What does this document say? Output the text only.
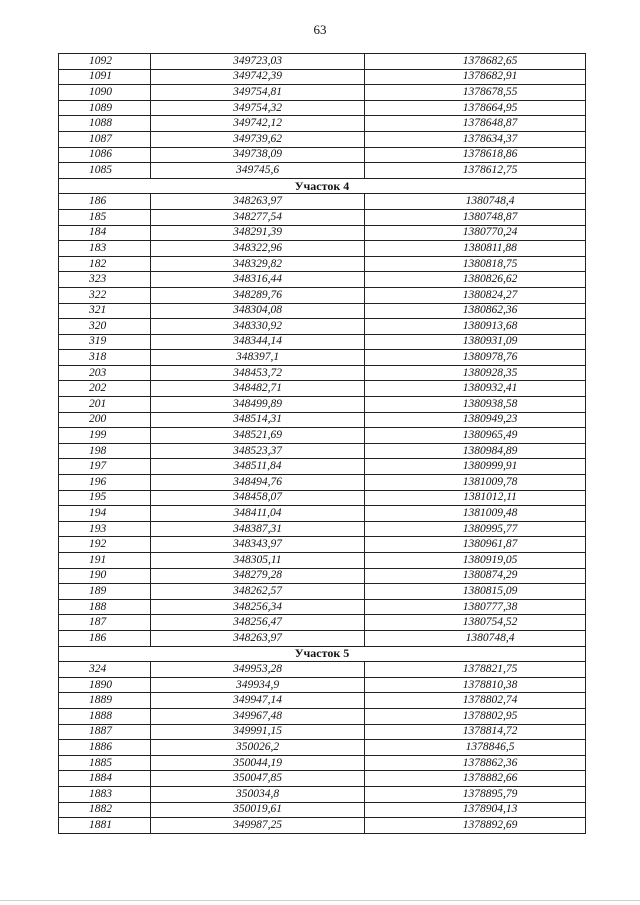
63
1092	349723,03	1378682,65
1091	349742,39	1378682,91
1090	349754,81	1378678,55
1089	349754,32	1378664,95
1088	349742,12	1378648,87
1087	349739,62	1378634,37
1086	349738,09	1378618,86
1085	349745,6	1378612,75
Участок 4		
186	348263,97	1380748,4
185	348277,54	1380748,87
184	348291,39	1380770,24
183	348322,96	1380811,88
182	348329,82	1380818,75
323	348316,44	1380826,62
322	348289,76	1380824,27
321	348304,08	1380862,36
320	348330,92	1380913,68
319	348344,14	1380931,09
318	348397,1	1380978,76
203	348453,72	1380928,35
202	348482,71	1380932,41
201	348499,89	1380938,58
200	348514,31	1380949,23
199	348521,69	1380965,49
198	348523,37	1380984,89
197	348511,84	1380999,91
196	348494,76	1381009,78
195	348458,07	1381012,11
194	348411,04	1381009,48
193	348387,31	1380995,77
192	348343,97	1380961,87
191	348305,11	1380919,05
190	348279,28	1380874,29
189	348262,57	1380815,09
188	348256,34	1380777,38
187	348256,47	1380754,52
186	348263,97	1380748,4
Участок 5		
324	349953,28	1378821,75
1890	349934,9	1378810,38
1889	349947,14	1378802,74
1888	349967,48	1378802,95
1887	349991,15	1378814,72
1886	350026,2	1378846,5
1885	350044,19	1378862,36
1884	350047,85	1378882,66
1883	350034,8	1378895,79
1882	350019,61	1378904,13
1881	349987,25	1378892,69
